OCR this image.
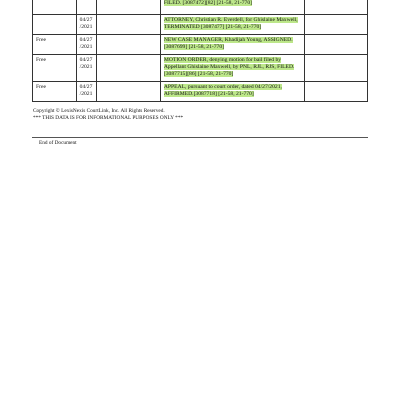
			FILED. [3087472][82] [21-58, 21-770]	
	04/27 /2021		ATTORNEY, Christian R. Everdell, for Ghislaine Maxwell, TERMINATED [3087477] [21-58, 21-770]	
Free	04/27 /2021		NEW CASE MANAGER, Khadijah Young, ASSIGNED.[3087699] [21-58, 21-770]	
Free	04/27 /2021		MOTION ORDER, denying motion for bail filed by Appellant Ghislaine Maxwell, by PNL, RJL, RJS, FILED. [3087715][86] [21-58, 21-770]	
Free	04/27 /2021		APPEAL, pursuant to court order, dated 04/27/2021, AFFIRMED.[3087718] [21-58, 21-770]	
Copyright © LexisNexis CourtLink, Inc. All Rights Reserved.
*** THIS DATA IS FOR INFORMATIONAL PURPOSES ONLY ***
End of Document
